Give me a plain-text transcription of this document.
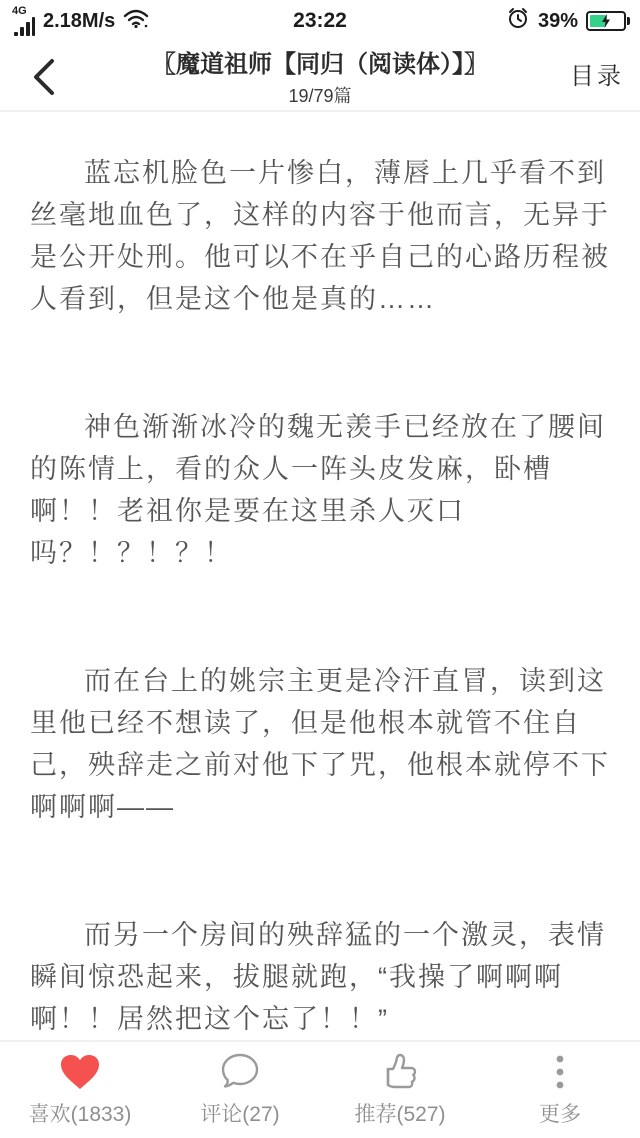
4G 2.18M/s	23:22	39%
〖魔道祖师【同归（阅读体）】〗
19/79篇
目录

蓝忘机脸色一片惨白，薄唇上几乎看不到丝毫地血色了，这样的内容于他而言，无异于是公开处刑。他可以不在乎自己的心路历程被人看到，但是这个他是真的……

神色渐渐冰冷的魏无羡手已经放在了腰间的陈情上，看的众人一阵头皮发麻，卧槽啊！！老祖你是要在这里杀人灭口吗？！？！？！

而在台上的姚宗主更是冷汗直冒，读到这里他已经不想读了，但是他根本就管不住自己，殃辞走之前对他下了咒，他根本就停不下啊啊啊——

而另一个房间的殃辞猛的一个激灵，表情瞬间惊恐起来，拔腿就跑，“我操了啊啊啊啊！！居然把这个忘了！！”

喜欢(1833)	评论(27)	推荐(527)	更多
